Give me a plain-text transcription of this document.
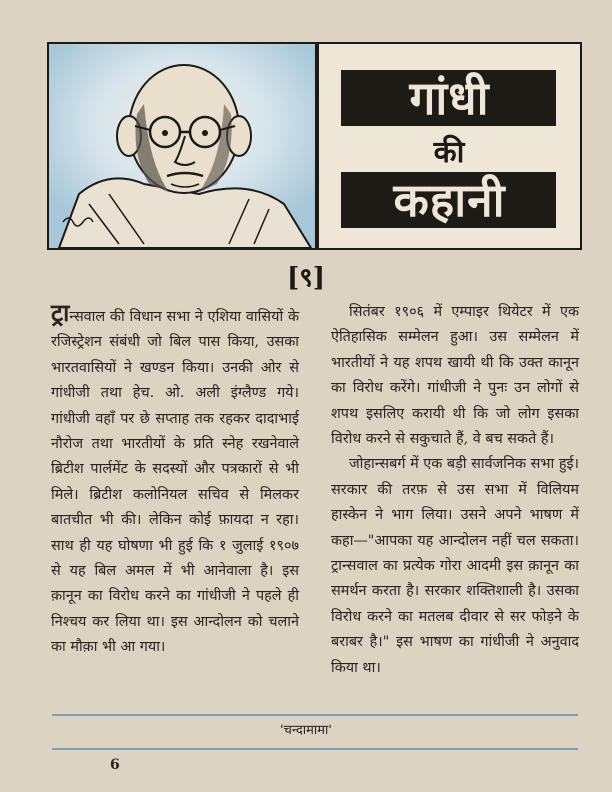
गांधी
की
कहानी
[९]

ट्रान्सवाल की विधान सभा ने एशिया वासियों के रजिस्ट्रेशन संबंधी जो बिल पास किया, उसका भारतवासियों ने खण्डन किया। उनकी ओर से गांधीजी तथा हेच. ओ. अली इंग्लैण्ड गये। गांधीजी वहाँ पर छे सप्ताह तक रहकर दादाभाई नौरोज तथा भारतीयों के प्रति स्नेह रखनेवाले ब्रिटीश पार्लमेंट के सदस्यों और पत्रकारों से भी मिले। ब्रिटीश कलोनियल सचिव से मिलकर बातचीत भी की। लेकिन कोई फ़ायदा न रहा। साथ ही यह घोषणा भी हुई कि १ जुलाई १९०७ से यह बिल अमल में भी आनेवाला है। इस क़ानून का विरोध करने का गांधीजी ने पहले ही निश्चय कर लिया था। इस आन्दोलन को चलाने का मौक़ा भी आ गया।

सितंबर १९०६ में एम्पाइर थियेटर में एक ऐतिहासिक सम्मेलन हुआ। उस सम्मेलन में भारतीयों ने यह शपथ खायी थी कि उक्त कानून का विरोध करेंगे। गांधीजी ने पुनः उन लोगों से शपथ इसलिए करायी थी कि जो लोग इसका विरोध करने से सकुचाते हैं, वे बच सकते हैं।

जोहान्सबर्ग में एक बड़ी सार्वजनिक सभा हुई। सरकार की तरफ़ से उस सभा में विलियम हास्केन ने भाग लिया। उसने अपने भाषण में कहा—"आपका यह आन्दोलन नहीं चल सकता। ट्रान्सवाल का प्रत्येक गोरा आदमी इस क़ानून का समर्थन करता है। सरकार शक्तिशाली है। उसका विरोध करने का मतलब दीवार से सर फोड़ने के बराबर है।" इस भाषण का गांधीजी ने अनुवाद किया था।

'चन्दामामा'
6
